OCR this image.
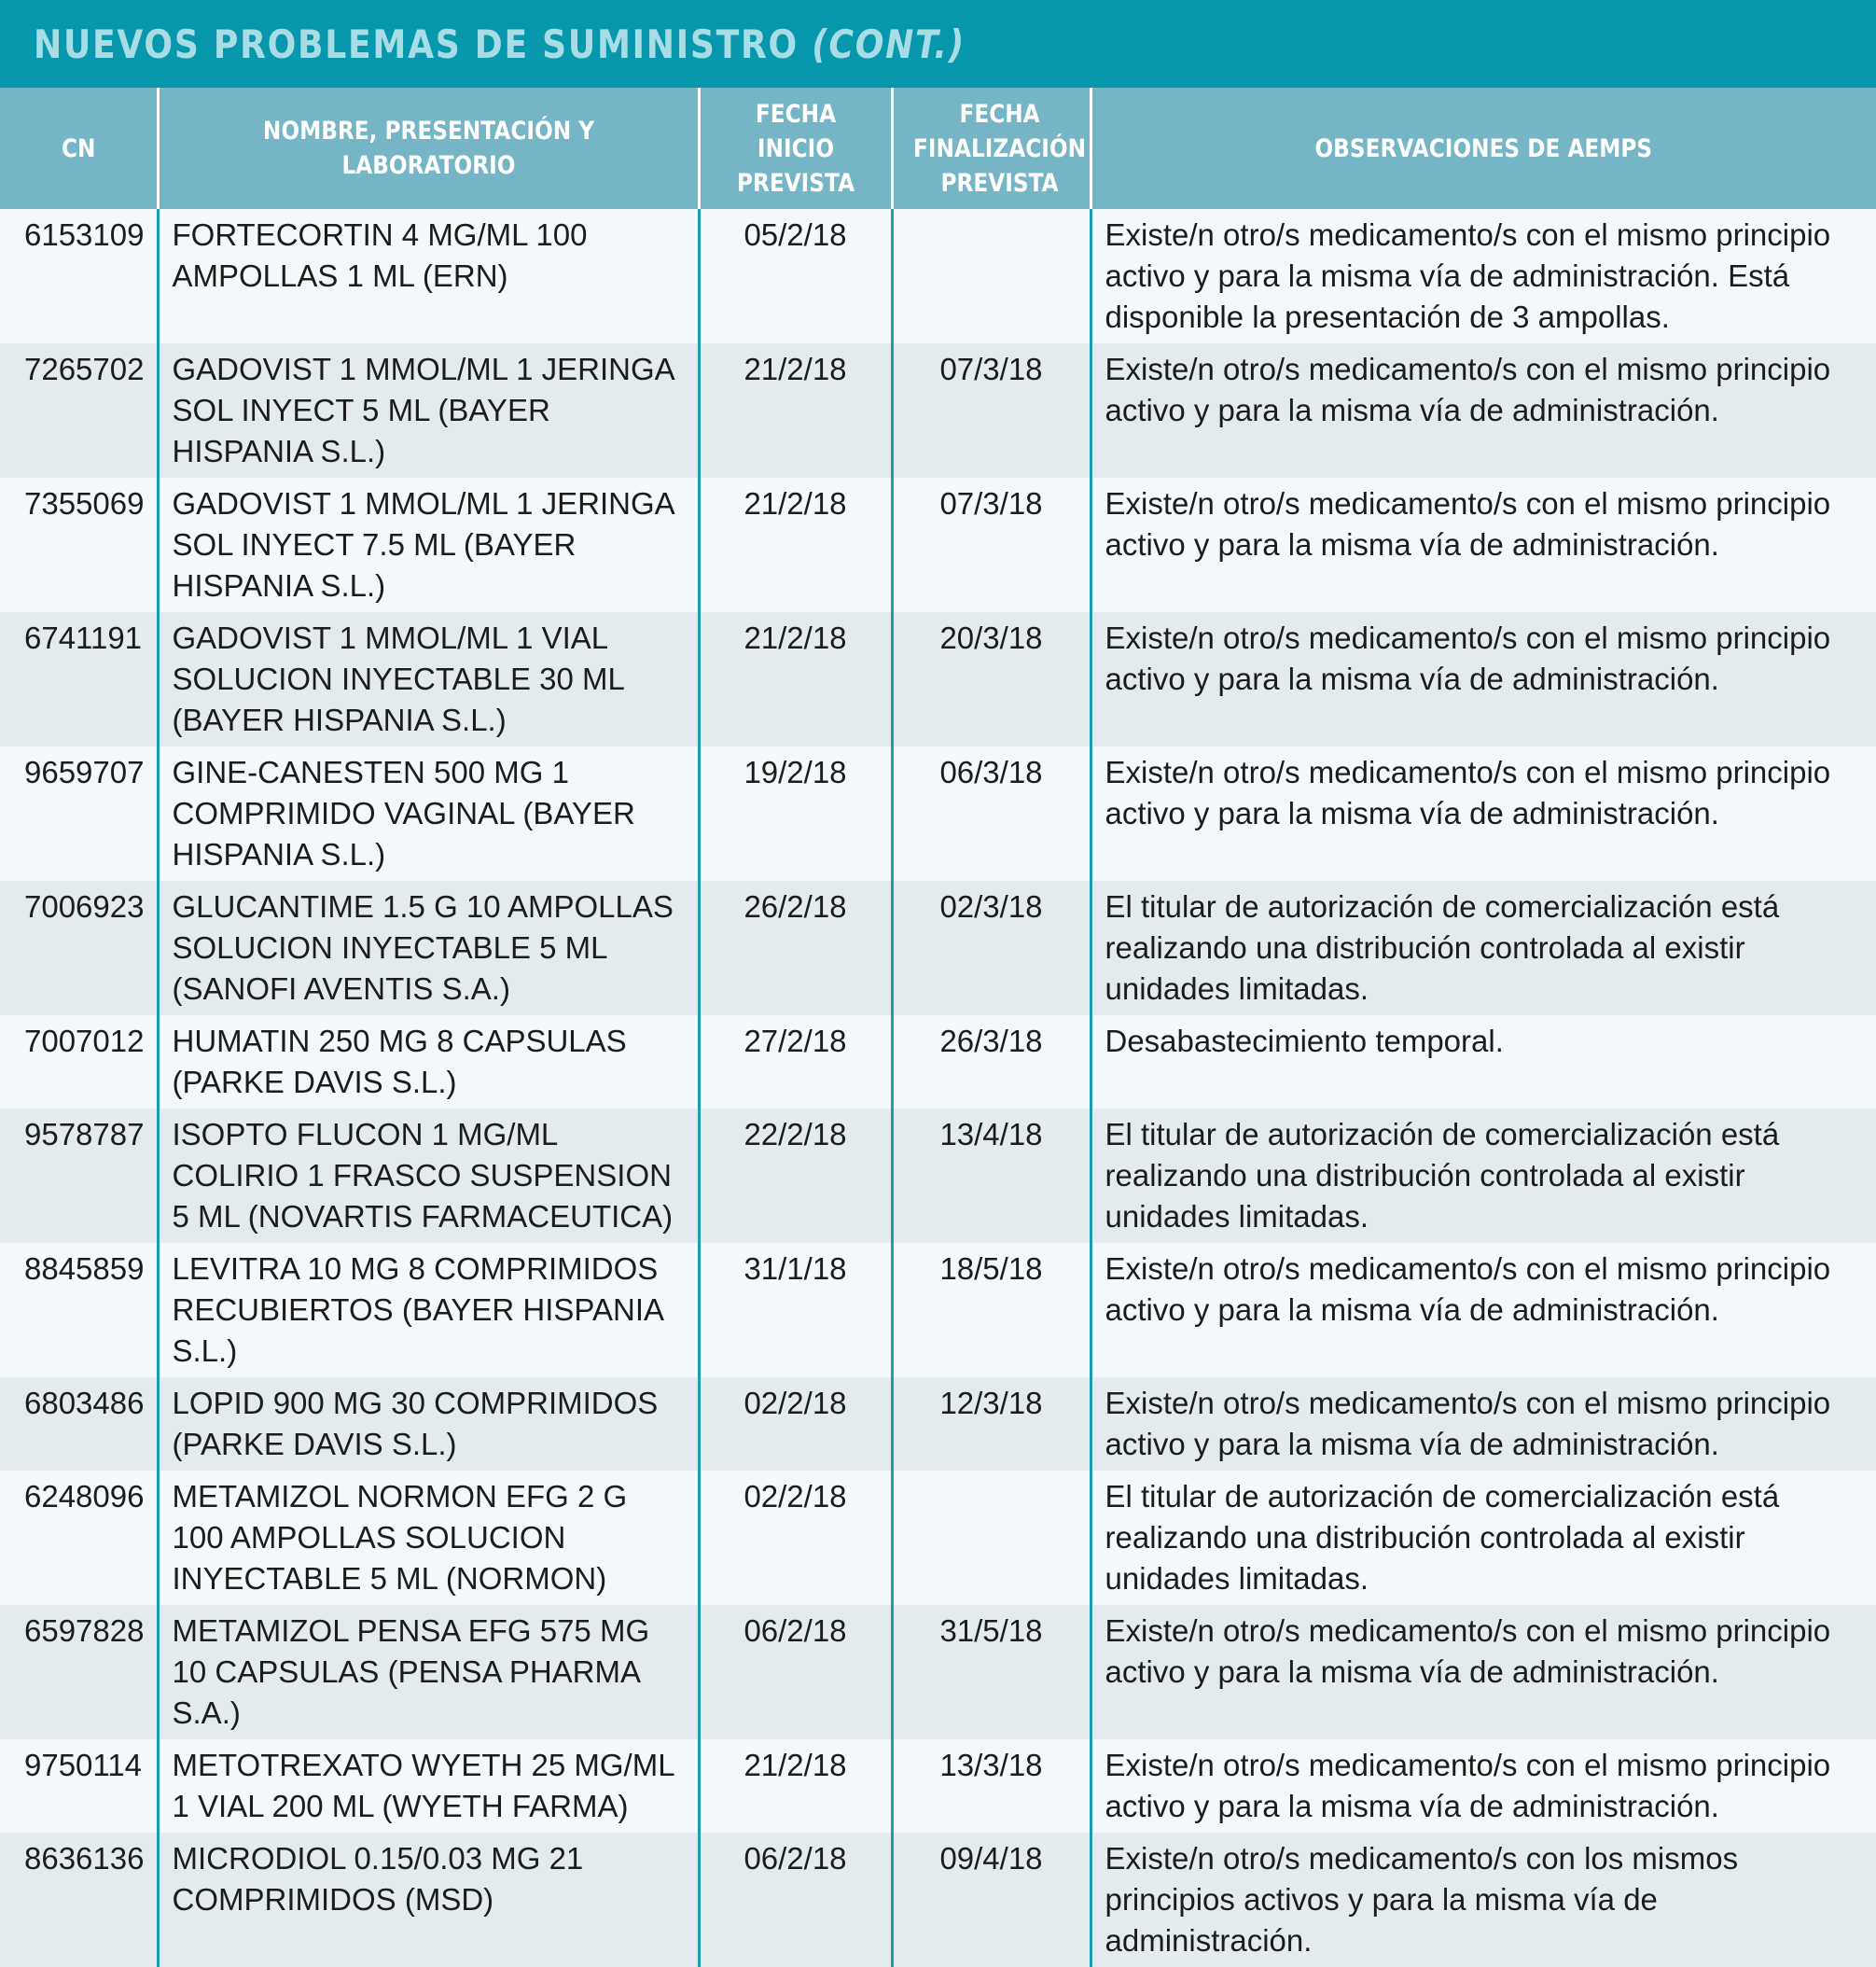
NUEVOS PROBLEMAS DE SUMINISTRO (CONT.)
CN	NOMBRE, PRESENTACIÓN Y LABORATORIO	FECHA INICIO PREVISTA	FECHA FINALIZACIÓN PREVISTA	OBSERVACIONES DE AEMPS
6153109	FORTECORTIN 4 MG/ML 100 AMPOLLAS 1 ML (ERN)	05/2/18		Existe/n otro/s medicamento/s con el mismo principio activo y para la misma vía de administración. Está disponible la presentación de 3 ampollas.
7265702	GADOVIST 1 MMOL/ML 1 JERINGA SOL INYECT 5 ML (BAYER HISPANIA S.L.)	21/2/18	07/3/18	Existe/n otro/s medicamento/s con el mismo principio activo y para la misma vía de administración.
7355069	GADOVIST 1 MMOL/ML 1 JERINGA SOL INYECT 7.5 ML (BAYER HISPANIA S.L.)	21/2/18	07/3/18	Existe/n otro/s medicamento/s con el mismo principio activo y para la misma vía de administración.
6741191	GADOVIST 1 MMOL/ML 1 VIAL SOLUCION INYECTABLE 30 ML (BAYER HISPANIA S.L.)	21/2/18	20/3/18	Existe/n otro/s medicamento/s con el mismo principio activo y para la misma vía de administración.
9659707	GINE-CANESTEN 500 MG 1 COMPRIMIDO VAGINAL (BAYER HISPANIA S.L.)	19/2/18	06/3/18	Existe/n otro/s medicamento/s con el mismo principio activo y para la misma vía de administración.
7006923	GLUCANTIME 1.5 G 10 AMPOLLAS SOLUCION INYECTABLE 5 ML (SANOFI AVENTIS S.A.)	26/2/18	02/3/18	El titular de autorización de comercialización está realizando una distribución controlada al existir unidades limitadas.
7007012	HUMATIN 250 MG 8 CAPSULAS (PARKE DAVIS S.L.)	27/2/18	26/3/18	Desabastecimiento temporal.
9578787	ISOPTO FLUCON 1 MG/ML COLIRIO 1 FRASCO SUSPENSION 5 ML (NOVARTIS FARMACEUTICA)	22/2/18	13/4/18	El titular de autorización de comercialización está realizando una distribución controlada al existir unidades limitadas.
8845859	LEVITRA 10 MG 8 COMPRIMIDOS RECUBIERTOS (BAYER HISPANIA S.L.)	31/1/18	18/5/18	Existe/n otro/s medicamento/s con el mismo principio activo y para la misma vía de administración.
6803486	LOPID 900 MG 30 COMPRIMIDOS (PARKE DAVIS S.L.)	02/2/18	12/3/18	Existe/n otro/s medicamento/s con el mismo principio activo y para la misma vía de administración.
6248096	METAMIZOL NORMON EFG 2 G 100 AMPOLLAS SOLUCION INYECTABLE 5 ML (NORMON)	02/2/18		El titular de autorización de comercialización está realizando una distribución controlada al existir unidades limitadas.
6597828	METAMIZOL PENSA EFG 575 MG 10 CAPSULAS (PENSA PHARMA S.A.)	06/2/18	31/5/18	Existe/n otro/s medicamento/s con el mismo principio activo y para la misma vía de administración.
9750114	METOTREXATO WYETH 25 MG/ML 1 VIAL 200 ML (WYETH FARMA)	21/2/18	13/3/18	Existe/n otro/s medicamento/s con el mismo principio activo y para la misma vía de administración.
8636136	MICRODIOL 0.15/0.03 MG 21 COMPRIMIDOS (MSD)	06/2/18	09/4/18	Existe/n otro/s medicamento/s con los mismos principios activos y para la misma vía de administración.
